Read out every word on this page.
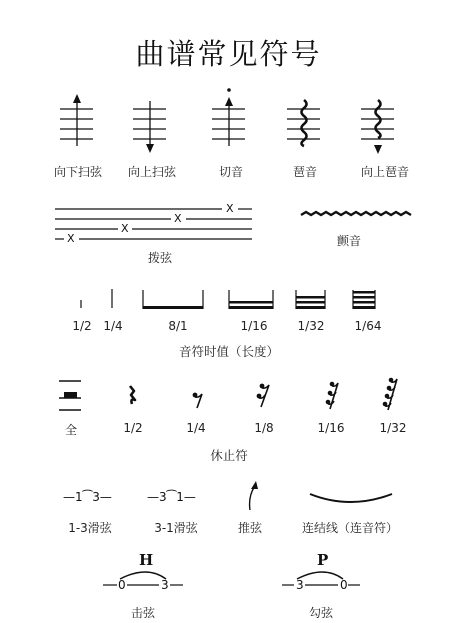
曲谱常见符号
向下扫弦 向上扫弦	切音	琶音	向上琶音
X
X
X
X
拨弦
颤音
1/2 1/4	8/1	1/16	1/32	1/64
音符时值（长度）
全	1/2	1/4	1/8	1/16	1/32
休止符
—1⁀3—	—3⁀1—
1-3滑弦	3-1滑弦	推弦	连结线（连音符）
H	P
0	3	3	0
击弦	勾弦
